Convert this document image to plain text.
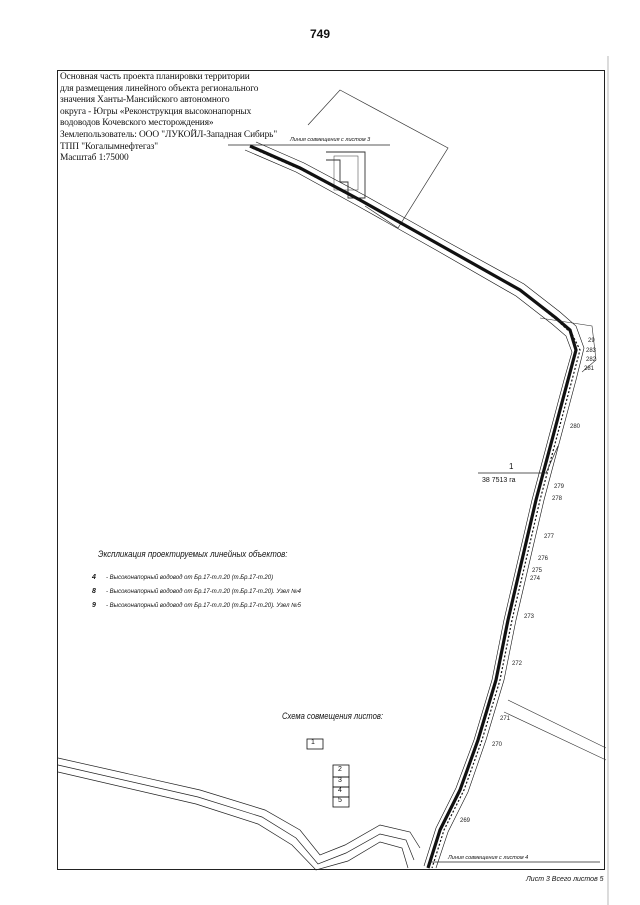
749
Основная часть проекта планировки территории
для размещения линейного объекта регионального
значения Ханты-Мансийского автономного
округа - Югры «Реконструкция высоконапорных
водоводов Кочевского месторождения»
Землепользователь: ООО "ЛУКОЙЛ-Западная Сибирь"
ТПП "Когалымнефтегаз"
Масштаб 1:75000
Линия совмещения с листом 3
Линия совмещения с листом 4
1
38 7513 га
29
283
282
281
280
279
278
277
276
275
274
273
272
271
270
269
Экспликация проектируемых линейных объектов:
4	- Высоконапорный водовод от Бр.17-т.п.20 (т.Бр.17-т.20)
8	- Высоконапорный водовод от Бр.17-т.п.20 (т.Бр.17-т.20). Узел №4
9	- Высоконапорный водовод от Бр.17-т.п.20 (т.Бр.17-т.20). Узел №5
Схема совмещения листов:
1
2
3
4
5
Лист 3 Всего листов 5
